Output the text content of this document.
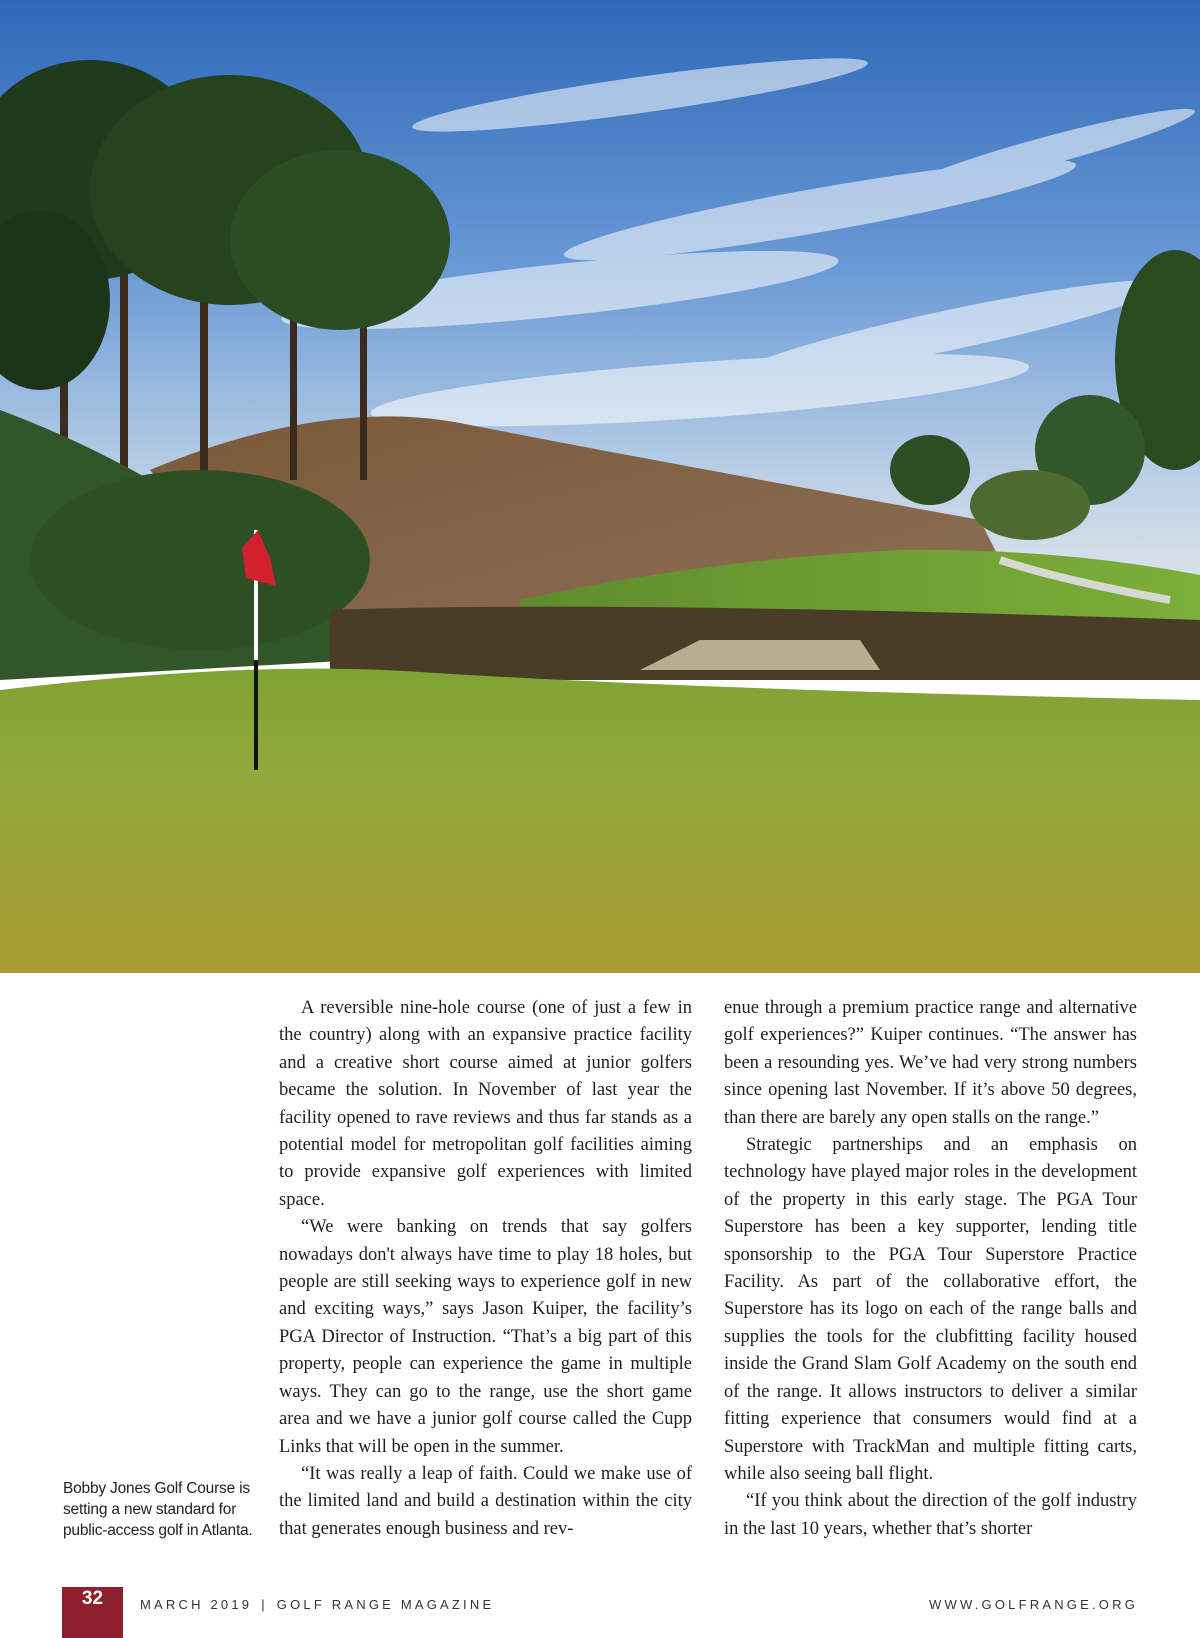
Bobby Jones Golf Course is setting a new standard for public-access golf in Atlanta.

A reversible nine-hole course (one of just a few in the country) along with an expansive practice facility and a creative short course aimed at junior golfers became the solution. In November of last year the facility opened to rave reviews and thus far stands as a potential model for metropolitan golf facilities aiming to provide expansive golf experiences with limited space.

“We were banking on trends that say golfers nowadays don't always have time to play 18 holes, but people are still seeking ways to experience golf in new and exciting ways,” says Jason Kuiper, the facility’s PGA Director of Instruction. “That’s a big part of this property, people can experience the game in multiple ways. They can go to the range, use the short game area and we have a junior golf course called the Cupp Links that will be open in the summer.

“It was really a leap of faith. Could we make use of the limited land and build a destination within the city that generates enough business and rev-

enue through a premium practice range and alternative golf experiences?” Kuiper continues. “The answer has been a resounding yes. We’ve had very strong numbers since opening last November. If it’s above 50 degrees, than there are barely any open stalls on the range.”

Strategic partnerships and an emphasis on technology have played major roles in the development of the property in this early stage. The PGA Tour Superstore has been a key supporter, lending title sponsorship to the PGA Tour Superstore Practice Facility. As part of the collaborative effort, the Superstore has its logo on each of the range balls and supplies the tools for the clubfitting facility housed inside the Grand Slam Golf Academy on the south end of the range. It allows instructors to deliver a similar fitting experience that consumers would find at a Superstore with TrackMan and multiple fitting carts, while also seeing ball flight.

“If you think about the direction of the golf industry in the last 10 years, whether that’s shorter

32	MARCH 2019 | GOLF RANGE MAGAZINE	WWW.GOLFRANGE.ORG
